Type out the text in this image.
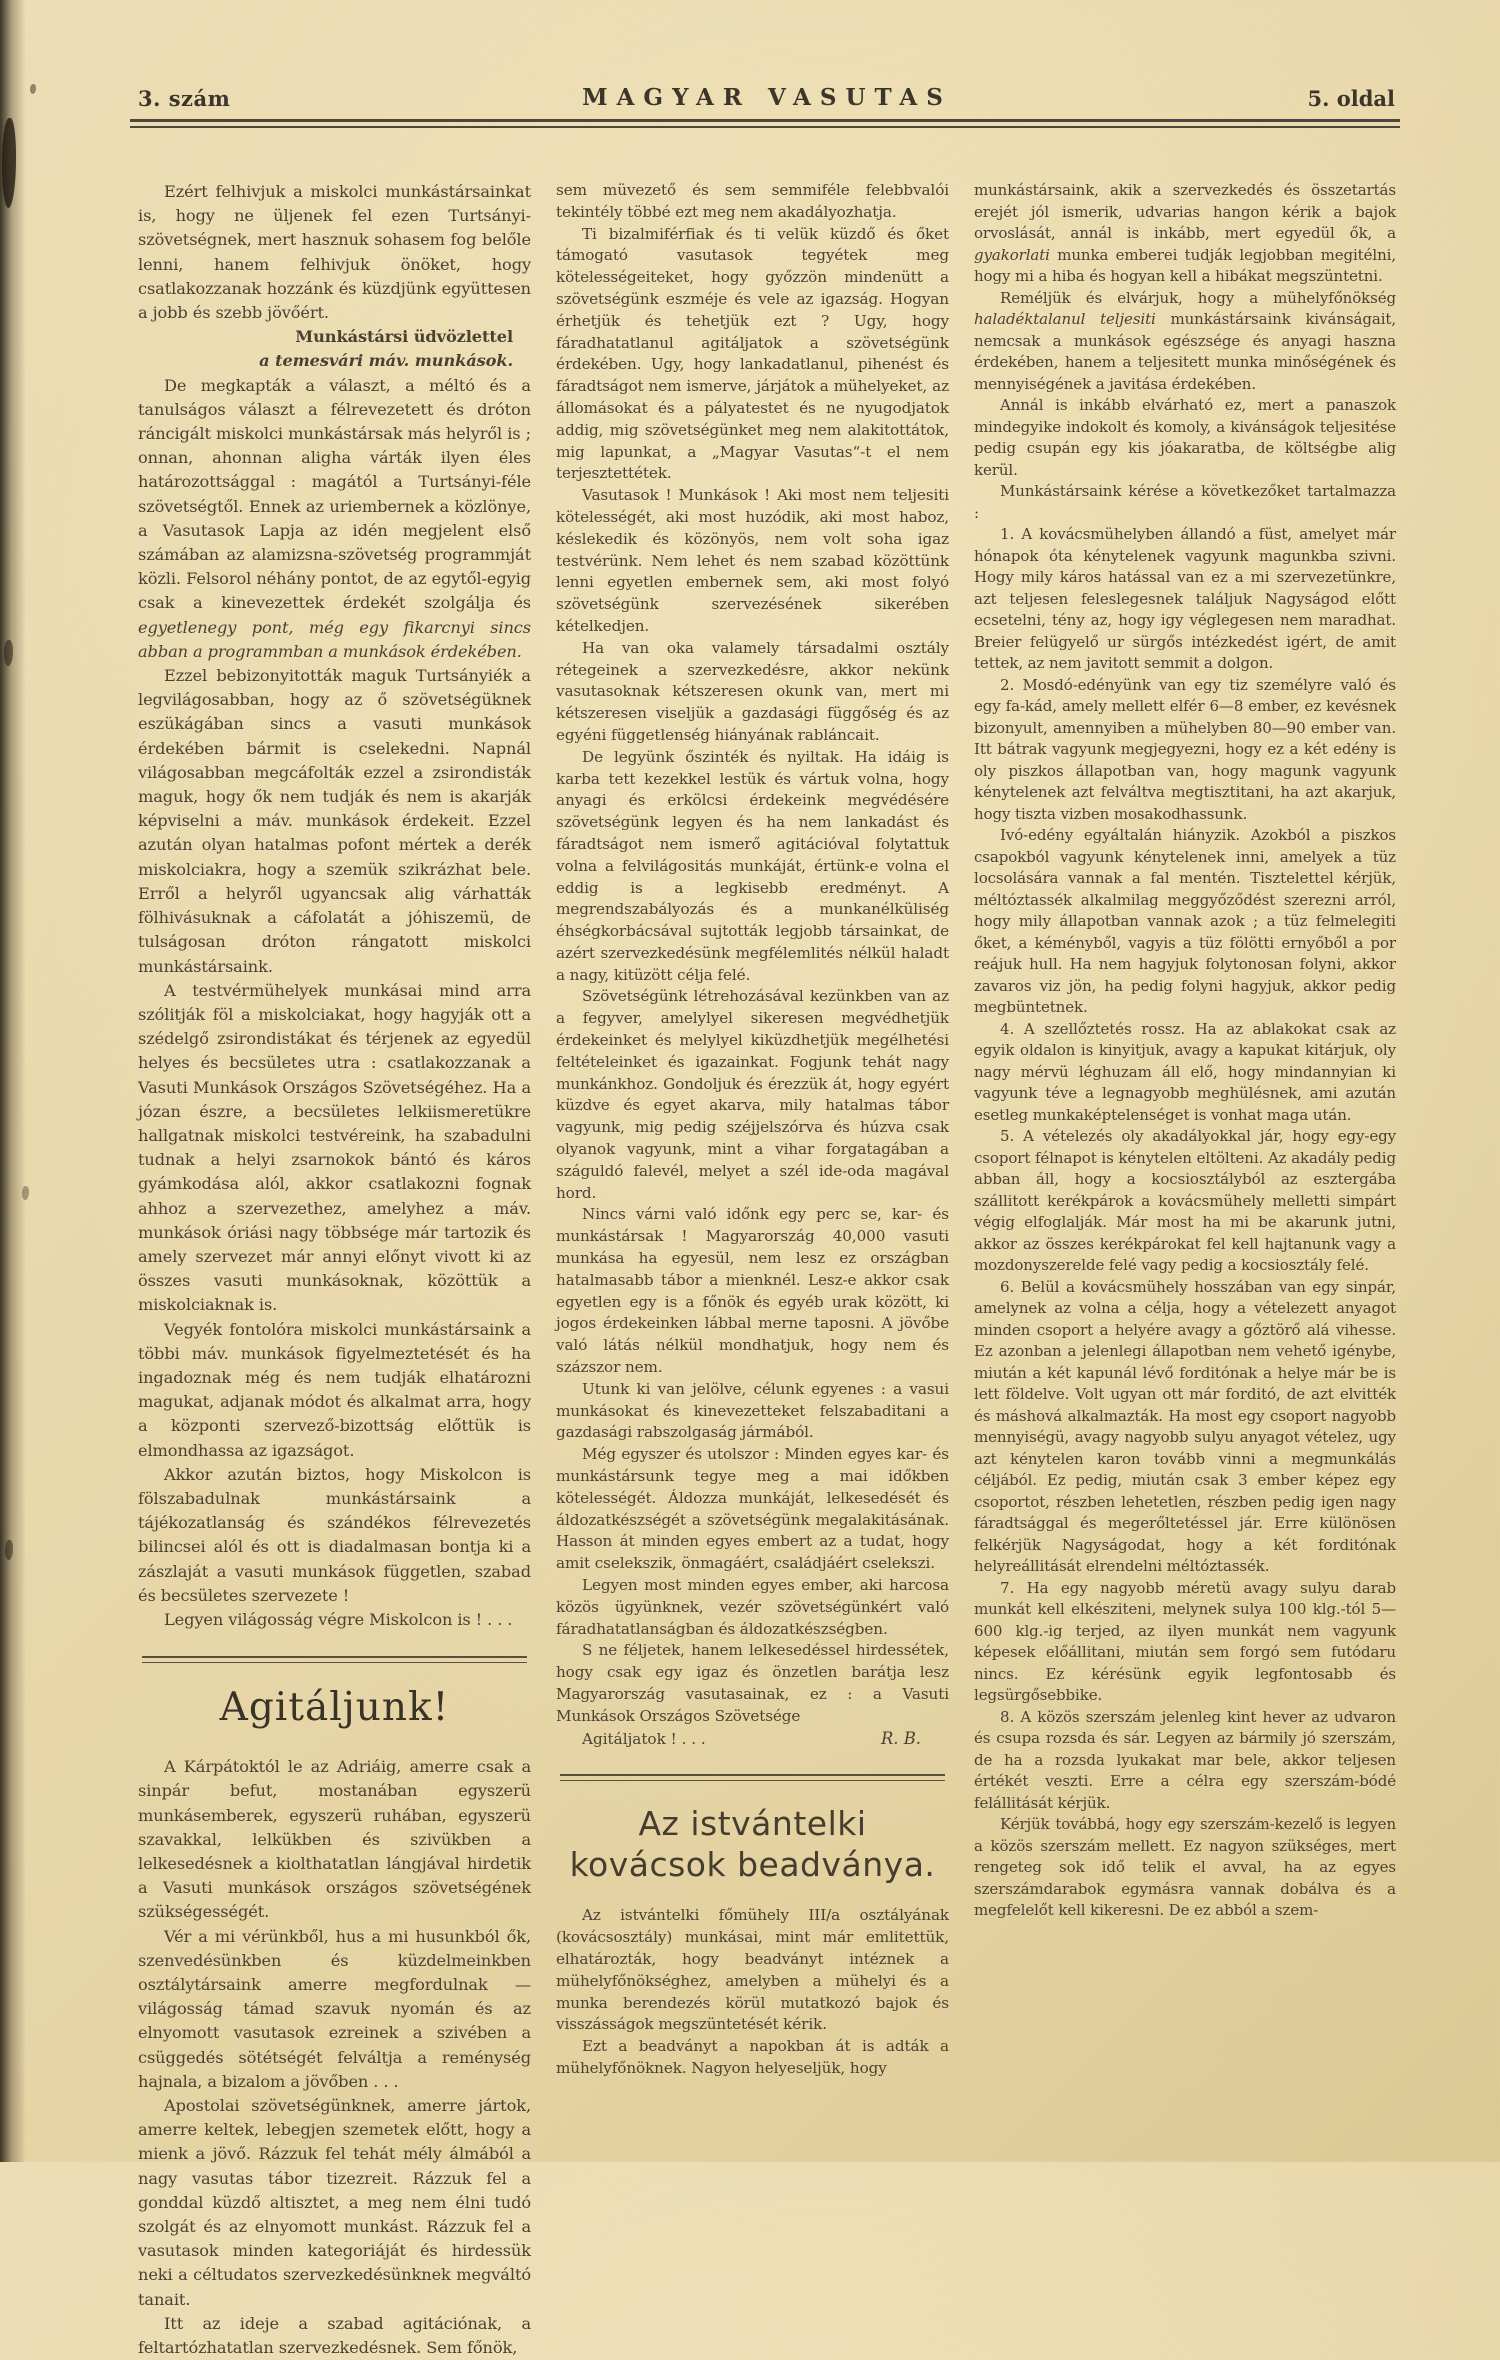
3. szám	MAGYAR VASUTAS	5. oldal

Ezért felhivjuk a miskolci munkástársainkat is, hogy ne üljenek fel ezen Turtsányi-szövetségnek, mert hasznuk sohasem fog belőle lenni, hanem felhivjuk önöket, hogy csatlakozzanak hozzánk és küzdjünk együttesen a jobb és szebb jövőért.

Munkástársi üdvözlettel

a temesvári máv. munkások.

De megkapták a választ, a méltó és a tanulságos választ a félrevezetett és dróton ráncigált miskolci munkástársak más helyről is ; onnan, ahonnan aligha várták ilyen éles határozottsággal : magától a Turtsányi-féle szövetségtől. Ennek az uriembernek a közlönye, a Vasutasok Lapja az idén megjelent első számában az alamizsna-szövetség programmját közli. Felsorol néhány pontot, de az egytől-egyig csak a kinevezettek érdekét szolgálja és egyetlenegy pont, még egy fikarcnyi sincs abban a programmban a munkások érdekében.

Ezzel bebizonyitották maguk Turtsányiék a legvilágosabban, hogy az ő szövetségüknek eszükágában sincs a vasuti munkások érdekében bármit is cselekedni. Napnál világosabban megcáfolták ezzel a zsirondisták maguk, hogy ők nem tudják és nem is akarják képviselni a máv. munkások érdekeit. Ezzel azután olyan hatalmas pofont mértek a derék miskolciakra, hogy a szemük szikrázhat bele. Erről a helyről ugyancsak alig várhatták fölhivásuknak a cáfolatát a jóhiszemü, de tulságosan dróton rángatott miskolci munkástársaink.

A testvérmühelyek munkásai mind arra szólitják föl a miskolciakat, hogy hagyják ott a szédelgő zsirondistákat és térjenek az egyedül helyes és becsületes utra : csatlakozzanak a Vasuti Munkások Országos Szövetségéhez. Ha a józan észre, a becsületes lelkiismeretükre hallgatnak miskolci testvéreink, ha szabadulni tudnak a helyi zsarnokok bántó és káros gyámkodása alól, akkor csatlakozni fognak ahhoz a szervezethez, amelyhez a máv. munkások óriási nagy többsége már tartozik és amely szervezet már annyi előnyt vivott ki az összes vasuti munkásoknak, közöttük a miskolciaknak is.

Vegyék fontolóra miskolci munkástársaink a többi máv. munkások figyelmeztetését és ha ingadoznak még és nem tudják elhatározni magukat, adjanak módot és alkalmat arra, hogy a központi szervező-bizottság előttük is elmondhassa az igazságot.

Akkor azután biztos, hogy Miskolcon is fölszabadulnak munkástársaink a tájékozatlanság és szándékos félrevezetés bilincsei alól és ott is diadalmasan bontja ki a zászlaját a vasuti munkások független, szabad és becsületes szervezete !

Legyen világosság végre Miskolcon is ! . . .

Agitáljunk!

A Kárpátoktól le az Adriáig, amerre csak a sinpár befut, mostanában egyszerü munkásemberek, egyszerü ruhában, egyszerü szavakkal, lelkükben és szivükben a lelkesedésnek a kiolthatatlan lángjával hirdetik a Vasuti munkások országos szövetségének szükségességét.

Vér a mi vérünkből, hus a mi husunkból ők, szenvedésünkben és küzdelmeinkben osztálytársaink amerre megfordulnak — világosság támad szavuk nyomán és az elnyomott vasutasok ezreinek a szivében a csüggedés sötétségét felváltja a reménység hajnala, a bizalom a jövőben . . .

Apostolai szövetségünknek, amerre jártok, amerre keltek, lebegjen szemetek előtt, hogy a mienk a jövő. Rázzuk fel tehát mély álmából a nagy vasutas tábor tizezreit. Rázzuk fel a gonddal küzdő altisztet, a meg nem élni tudó szolgát és az elnyomott munkást. Rázzuk fel a vasutasok minden kategoriáját és hirdessük neki a céltudatos szervezkedésünknek megváltó tanait.

Itt az ideje a szabad agitációnak, a feltartózhatatlan szervezkedésnek. Sem főnök,

sem müvezető és sem semmiféle felebbvalói tekintély többé ezt meg nem akadályozhatja.

Ti bizalmiférfiak és ti velük küzdő és őket támogató vasutasok tegyétek meg kötelességeiteket, hogy győzzön mindenütt a szövetségünk eszméje és vele az igazság. Hogyan érhetjük és tehetjük ezt ? Ugy, hogy fáradhatatlanul agitáljatok a szövetségünk érdekében. Ugy, hogy lankadatlanul, pihenést és fáradtságot nem ismerve, járjátok a mühelyeket, az állomásokat és a pályatestet és ne nyugodjatok addig, mig szövetségünket meg nem alakitottátok, mig lapunkat, a „Magyar Vasutas“-t el nem terjesztettétek.

Vasutasok ! Munkások ! Aki most nem teljesiti kötelességét, aki most huzódik, aki most haboz, késlekedik és közönyös, nem volt soha igaz testvérünk. Nem lehet és nem szabad közöttünk lenni egyetlen embernek sem, aki most folyó szövetségünk szervezésének sikerében kételkedjen.

Ha van oka valamely társadalmi osztály rétegeinek a szervezkedésre, akkor nekünk vasutasoknak kétszeresen okunk van, mert mi kétszeresen viseljük a gazdasági függőség és az egyéni függetlenség hiányának rabláncait.

De legyünk őszinték és nyiltak. Ha idáig is karba tett kezekkel lestük és vártuk volna, hogy anyagi és erkölcsi érdekeink megvédésére szövetségünk legyen és ha nem lankadást és fáradtságot nem ismerő agitációval folytattuk volna a felvilágositás munkáját, értünk-e volna el eddig is a legkisebb eredményt. A megrendszabályozás és a munkanélküliség éhségkorbácsával sujtották legjobb társainkat, de azért szervezkedésünk megfélemlités nélkül haladt a nagy, kitüzött célja felé.

Szövetségünk létrehozásával kezünkben van az a fegyver, amelylyel sikeresen megvédhetjük érdekeinket és melylyel kiküzdhetjük megélhetési feltételeinket és igazainkat. Fogjunk tehát nagy munkánkhoz. Gondoljuk és érezzük át, hogy egyért küzdve és egyet akarva, mily hatalmas tábor vagyunk, mig pedig széjjelszórva és húzva csak olyanok vagyunk, mint a vihar forgatagában a száguldó falevél, melyet a szél ide-oda magával hord.

Nincs várni való időnk egy perc se, kar- és munkástársak ! Magyarország 40,000 vasuti munkása ha egyesül, nem lesz ez országban hatalmasabb tábor a mienknél. Lesz-e akkor csak egyetlen egy is a főnök és egyéb urak között, ki jogos érdekeinken lábbal merne taposni. A jövőbe való látás nélkül mondhatjuk, hogy nem és százszor nem.

Utunk ki van jelölve, célunk egyenes : a vasui munkásokat és kinevezetteket felszabaditani a gazdasági rabszolgaság jármából.

Még egyszer és utolszor : Minden egyes kar- és munkástársunk tegye meg a mai időkben kötelességét. Áldozza munkáját, lelkesedését és áldozatkészségét a szövetségünk megalakitásának. Hasson át minden egyes embert az a tudat, hogy amit cselekszik, önmagáért, családjáért cselekszi.

Legyen most minden egyes ember, aki harcosa közös ügyünknek, vezér szövetségünkért való fáradhatatlanságban és áldozatkészségben.

S ne féljetek, hanem lelkesedéssel hirdessétek, hogy csak egy igaz és önzetlen barátja lesz Magyarország vasutasainak, ez : a Vasuti Munkások Országos Szövetsége

Agitáljatok ! . . .	R. B.
Az istvántelki kovácsok beadványa.

Az istvántelki főmühely III/a osztályának (kovácsosztály) munkásai, mint már emlitettük, elhatározták, hogy beadványt intéznek a mühelyfőnökséghez, amelyben a mühelyi és a munka berendezés körül mutatkozó bajok és visszásságok megszüntetését kérik.

Ezt a beadványt a napokban át is adták a mühelyfőnöknek. Nagyon helyeseljük, hogy

munkástársaink, akik a szervezkedés és összetartás erejét jól ismerik, udvarias hangon kérik a bajok orvoslását, annál is inkább, mert egyedül ők, a gyakorlati munka emberei tudják legjobban megitélni, hogy mi a hiba és hogyan kell a hibákat megszüntetni.

Reméljük és elvárjuk, hogy a mühelyfőnökség haladéktalanul teljesiti munkástársaink kivánságait, nemcsak a munkások egészsége és anyagi haszna érdekében, hanem a teljesitett munka minőségének és mennyiségének a javitása érdekében.

Annál is inkább elvárható ez, mert a panaszok mindegyike indokolt és komoly, a kivánságok teljesitése pedig csupán egy kis jóakaratba, de költségbe alig kerül.

Munkástársaink kérése a következőket tartalmazza :

1. A kovácsmühelyben állandó a füst, amelyet már hónapok óta kénytelenek vagyunk magunkba szivni. Hogy mily káros hatással van ez a mi szervezetünkre, azt teljesen feleslegesnek találjuk Nagyságod előtt ecsetelni, tény az, hogy igy véglegesen nem maradhat. Breier felügyelő ur sürgős intézkedést igért, de amit tettek, az nem javitott semmit a dolgon.

2. Mosdó-edényünk van egy tiz személyre való és egy fa-kád, amely mellett elfér 6—8 ember, ez kevésnek bizonyult, amennyiben a mühelyben 80—90 ember van. Itt bátrak vagyunk megjegyezni, hogy ez a két edény is oly piszkos állapotban van, hogy magunk vagyunk kénytelenek azt felváltva megtisztitani, ha azt akarjuk, hogy tiszta vizben mosakodhassunk.

Ivó-edény egyáltalán hiányzik. Azokból a piszkos csapokból vagyunk kénytelenek inni, amelyek a tüz locsolására vannak a fal mentén. Tisztelettel kérjük, méltóztassék alkalmilag meggyőződést szerezni arról, hogy mily állapotban vannak azok ; a tüz felmelegiti őket, a kéményből, vagyis a tüz fölötti ernyőből a por reájuk hull. Ha nem hagyjuk folytonosan folyni, akkor zavaros viz jön, ha pedig folyni hagyjuk, akkor pedig megbüntetnek.

4. A szellőztetés rossz. Ha az ablakokat csak az egyik oldalon is kinyitjuk, avagy a kapukat kitárjuk, oly nagy mérvü léghuzam áll elő, hogy mindannyian ki vagyunk téve a legnagyobb meghülésnek, ami azután esetleg munkaképtelenséget is vonhat maga után.

5. A vételezés oly akadályokkal jár, hogy egy-egy csoport félnapot is kénytelen eltölteni. Az akadály pedig abban áll, hogy a kocsiosztályból az esztergába szállitott kerékpárok a kovácsmühely melletti simpárt végig elfoglalják. Már most ha mi be akarunk jutni, akkor az összes kerékpárokat fel kell hajtanunk vagy a mozdonyszerelde felé vagy pedig a kocsiosztály felé.

6. Belül a kovácsmühely hosszában van egy sinpár, amelynek az volna a célja, hogy a vételezett anyagot minden csoport a helyére avagy a gőztörő alá vihesse. Ez azonban a jelenlegi állapotban nem vehető igénybe, miután a két kapunál lévő forditónak a helye már be is lett földelve. Volt ugyan ott már forditó, de azt elvitték és máshová alkalmazták. Ha most egy csoport nagyobb mennyiségü, avagy nagyobb sulyu anyagot vételez, ugy azt kénytelen karon tovább vinni a megmunkálás céljából. Ez pedig, miután csak 3 ember képez egy csoportot, részben lehetetlen, részben pedig igen nagy fáradtsággal és megerőltetéssel jár. Erre különösen felkérjük Nagyságodat, hogy a két forditónak helyreállitását elrendelni méltóztassék.

7. Ha egy nagyobb méretü avagy sulyu darab munkát kell elkésziteni, melynek sulya 100 klg.-tól 5—600 klg.-ig terjed, az ilyen munkát nem vagyunk képesek előállitani, miután sem forgó sem futódaru nincs. Ez kérésünk egyik legfontosabb és legsürgősebbike.

8. A közös szerszám jelenleg kint hever az udvaron és csupa rozsda és sár. Legyen az bármily jó szerszám, de ha a rozsda lyukakat mar bele, akkor teljesen értékét veszti. Erre a célra egy szerszám-bódé felállitását kérjük.

Kérjük továbbá, hogy egy szerszám-kezelő is legyen a közös szerszám mellett. Ez nagyon szükséges, mert rengeteg sok idő telik el avval, ha az egyes szerszámdarabok egymásra vannak dobálva és a megfelelőt kell kikeresni. De ez abból a szem-
